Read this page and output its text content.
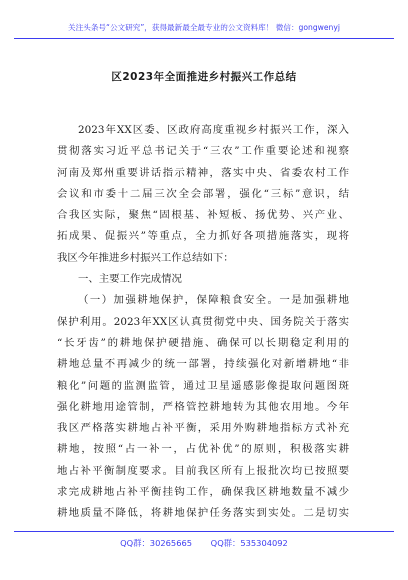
关注头条号“公文研究”，获得最新最全最专业的公文资料库！ 微信：gongwenyj
区2023年全面推进乡村振兴工作总结
2023年XX区委、区政府高度重视乡村振兴工作，深入
贯彻落实习近平总书记关于“三农”工作重要论述和视察
河南及郑州重要讲话指示精神，落实中央、省委农村工作
会议和市委十二届三次全会部署，强化“三标”意识，结
合我区实际，聚焦“固根基、补短板、扬优势、兴产业、
拓成果、促振兴”等重点，全力抓好各项措施落实，现将
我区今年推进乡村振兴工作总结如下：
一、主要工作完成情况
（一）加强耕地保护，保障粮食安全。一是加强耕地
保护利用。2023年XX区认真贯彻党中央、国务院关于落实
“长牙齿”的耕地保护硬措施、确保可以长期稳定利用的
耕地总量不再减少的统一部署，持续强化对新增耕地“非
粮化”问题的监测监管，通过卫星遥感影像提取问题图斑
强化耕地用途管制，严格管控耕地转为其他农用地。今年
我区严格落实耕地占补平衡，采用外购耕地指标方式补充
耕地，按照“占一补一，占优补优”的原则，积极落实耕
地占补平衡制度要求。目前我区所有上报批次均已按照要
求完成耕地占补平衡挂钩工作，确保我区耕地数量不减少
耕地质量不降低，将耕地保护任务落实到实处。二是切实
QQ群：30265665 QQ群：535304092
